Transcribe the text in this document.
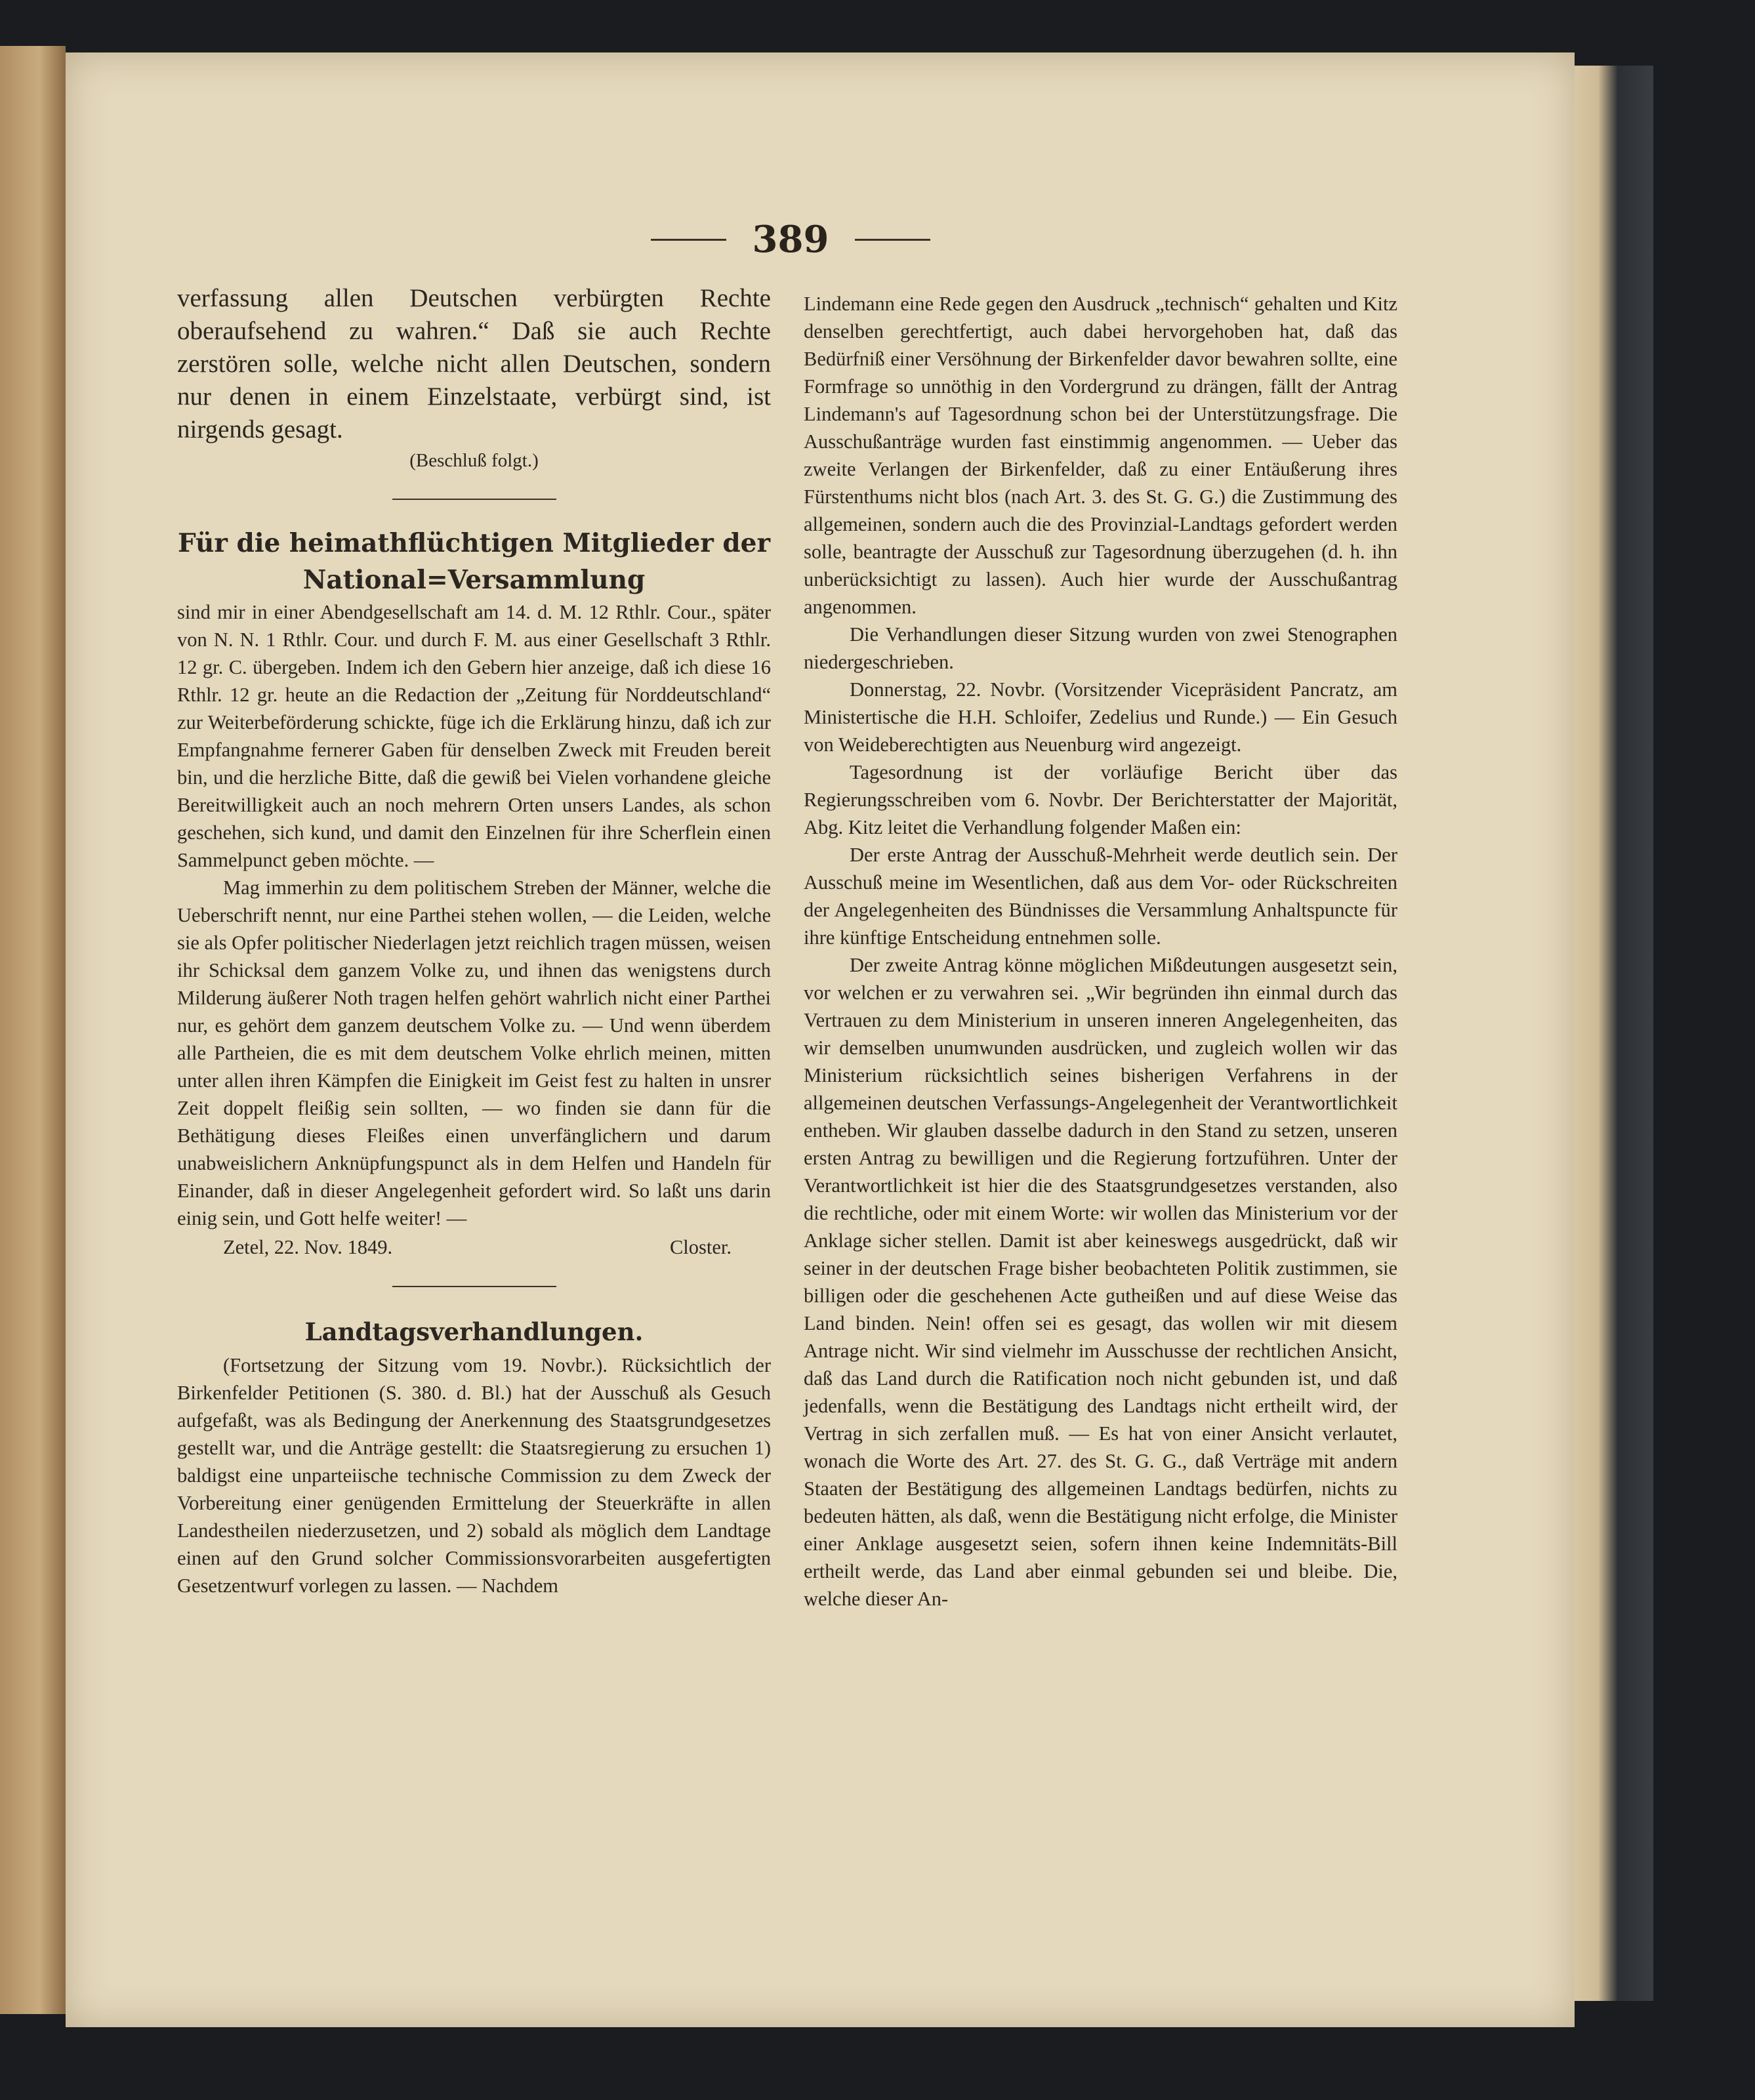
389

verfassung allen Deutschen verbürgten Rechte oberaufsehend zu wahren.“ Daß sie auch Rechte zerstören solle, welche nicht allen Deutschen, sondern nur denen in einem Einzelstaate, verbürgt sind, ist nirgends gesagt.

(Beschluß folgt.)

Für die heimathflüchtigen Mitglieder der National=Versammlung

sind mir in einer Abendgesellschaft am 14. d. M. 12 Rthlr. Cour., später von N. N. 1 Rthlr. Cour. und durch F. M. aus einer Gesellschaft 3 Rthlr. 12 gr. C. übergeben. Indem ich den Gebern hier anzeige, daß ich diese 16 Rthlr. 12 gr. heute an die Redaction der „Zeitung für Norddeutschland“ zur Weiterbeförderung schickte, füge ich die Erklärung hinzu, daß ich zur Empfangnahme fernerer Gaben für denselben Zweck mit Freuden bereit bin, und die herzliche Bitte, daß die gewiß bei Vielen vorhandene gleiche Bereitwilligkeit auch an noch mehrern Orten unsers Landes, als schon geschehen, sich kund, und damit den Einzelnen für ihre Scherflein einen Sammelpunct geben möchte. —

Mag immerhin zu dem politischem Streben der Männer, welche die Ueberschrift nennt, nur eine Parthei stehen wollen, — die Leiden, welche sie als Opfer politischer Niederlagen jetzt reichlich tragen müssen, weisen ihr Schicksal dem ganzem Volke zu, und ihnen das wenigstens durch Milderung äußerer Noth tragen helfen gehört wahrlich nicht einer Parthei nur, es gehört dem ganzem deutschem Volke zu. — Und wenn überdem alle Partheien, die es mit dem deutschem Volke ehrlich meinen, mitten unter allen ihren Kämpfen die Einigkeit im Geist fest zu halten in unsrer Zeit doppelt fleißig sein sollten, — wo finden sie dann für die Bethätigung dieses Fleißes einen unverfänglichern und darum unabweislichern Anknüpfungspunct als in dem Helfen und Handeln für Einander, daß in dieser Angelegenheit gefordert wird. So laßt uns darin einig sein, und Gott helfe weiter! —

Zetel, 22. Nov. 1849.	Closter.

Landtagsverhandlungen.

(Fortsetzung der Sitzung vom 19. Novbr.). Rücksichtlich der Birkenfelder Petitionen (S. 380. d. Bl.) hat der Ausschuß als Gesuch aufgefaßt, was als Bedingung der Anerkennung des Staatsgrundgesetzes gestellt war, und die Anträge gestellt: die Staatsregierung zu ersuchen 1) baldigst eine unparteiische technische Commission zu dem Zweck der Vorbereitung einer genügenden Ermittelung der Steuerkräfte in allen Landestheilen niederzusetzen, und 2) sobald als möglich dem Landtage einen auf den Grund solcher Commissionsvorarbeiten ausgefertigten Gesetzentwurf vorlegen zu lassen. — Nachdem

Lindemann eine Rede gegen den Ausdruck „technisch“ gehalten und Kitz denselben gerechtfertigt, auch dabei hervorgehoben hat, daß das Bedürfniß einer Versöhnung der Birkenfelder davor bewahren sollte, eine Formfrage so unnöthig in den Vordergrund zu drängen, fällt der Antrag Lindemann's auf Tagesordnung schon bei der Unterstützungsfrage. Die Ausschußanträge wurden fast einstimmig angenommen. — Ueber das zweite Verlangen der Birkenfelder, daß zu einer Entäußerung ihres Fürstenthums nicht blos (nach Art. 3. des St. G. G.) die Zustimmung des allgemeinen, sondern auch die des Provinzial-Landtags gefordert werden solle, beantragte der Ausschuß zur Tagesordnung überzugehen (d. h. ihn unberücksichtigt zu lassen). Auch hier wurde der Ausschußantrag angenommen.

Die Verhandlungen dieser Sitzung wurden von zwei Stenographen niedergeschrieben.

Donnerstag, 22. Novbr. (Vorsitzender Vicepräsident Pancratz, am Ministertische die H.H. Schloifer, Zedelius und Runde.) — Ein Gesuch von Weideberechtigten aus Neuenburg wird angezeigt.

Tagesordnung ist der vorläufige Bericht über das Regierungsschreiben vom 6. Novbr. Der Berichterstatter der Majorität, Abg. Kitz leitet die Verhandlung folgender Maßen ein:

Der erste Antrag der Ausschuß-Mehrheit werde deutlich sein. Der Ausschuß meine im Wesentlichen, daß aus dem Vor- oder Rückschreiten der Angelegenheiten des Bündnisses die Versammlung Anhaltspuncte für ihre künftige Entscheidung entnehmen solle.

Der zweite Antrag könne möglichen Mißdeutungen ausgesetzt sein, vor welchen er zu verwahren sei. „Wir begründen ihn einmal durch das Vertrauen zu dem Ministerium in unseren inneren Angelegenheiten, das wir demselben unumwunden ausdrücken, und zugleich wollen wir das Ministerium rücksichtlich seines bisherigen Verfahrens in der allgemeinen deutschen Verfassungs-Angelegenheit der Verantwortlichkeit entheben. Wir glauben dasselbe dadurch in den Stand zu setzen, unseren ersten Antrag zu bewilligen und die Regierung fortzuführen. Unter der Verantwortlichkeit ist hier die des Staatsgrundgesetzes verstanden, also die rechtliche, oder mit einem Worte: wir wollen das Ministerium vor der Anklage sicher stellen. Damit ist aber keineswegs ausgedrückt, daß wir seiner in der deutschen Frage bisher beobachteten Politik zustimmen, sie billigen oder die geschehenen Acte gutheißen und auf diese Weise das Land binden. Nein! offen sei es gesagt, das wollen wir mit diesem Antrage nicht. Wir sind vielmehr im Ausschusse der rechtlichen Ansicht, daß das Land durch die Ratification noch nicht gebunden ist, und daß jedenfalls, wenn die Bestätigung des Landtags nicht ertheilt wird, der Vertrag in sich zerfallen muß. — Es hat von einer Ansicht verlautet, wonach die Worte des Art. 27. des St. G. G., daß Verträge mit andern Staaten der Bestätigung des allgemeinen Landtags bedürfen, nichts zu bedeuten hätten, als daß, wenn die Bestätigung nicht erfolge, die Minister einer Anklage ausgesetzt seien, sofern ihnen keine Indemnitäts-Bill ertheilt werde, das Land aber einmal gebunden sei und bleibe. Die, welche dieser An-
